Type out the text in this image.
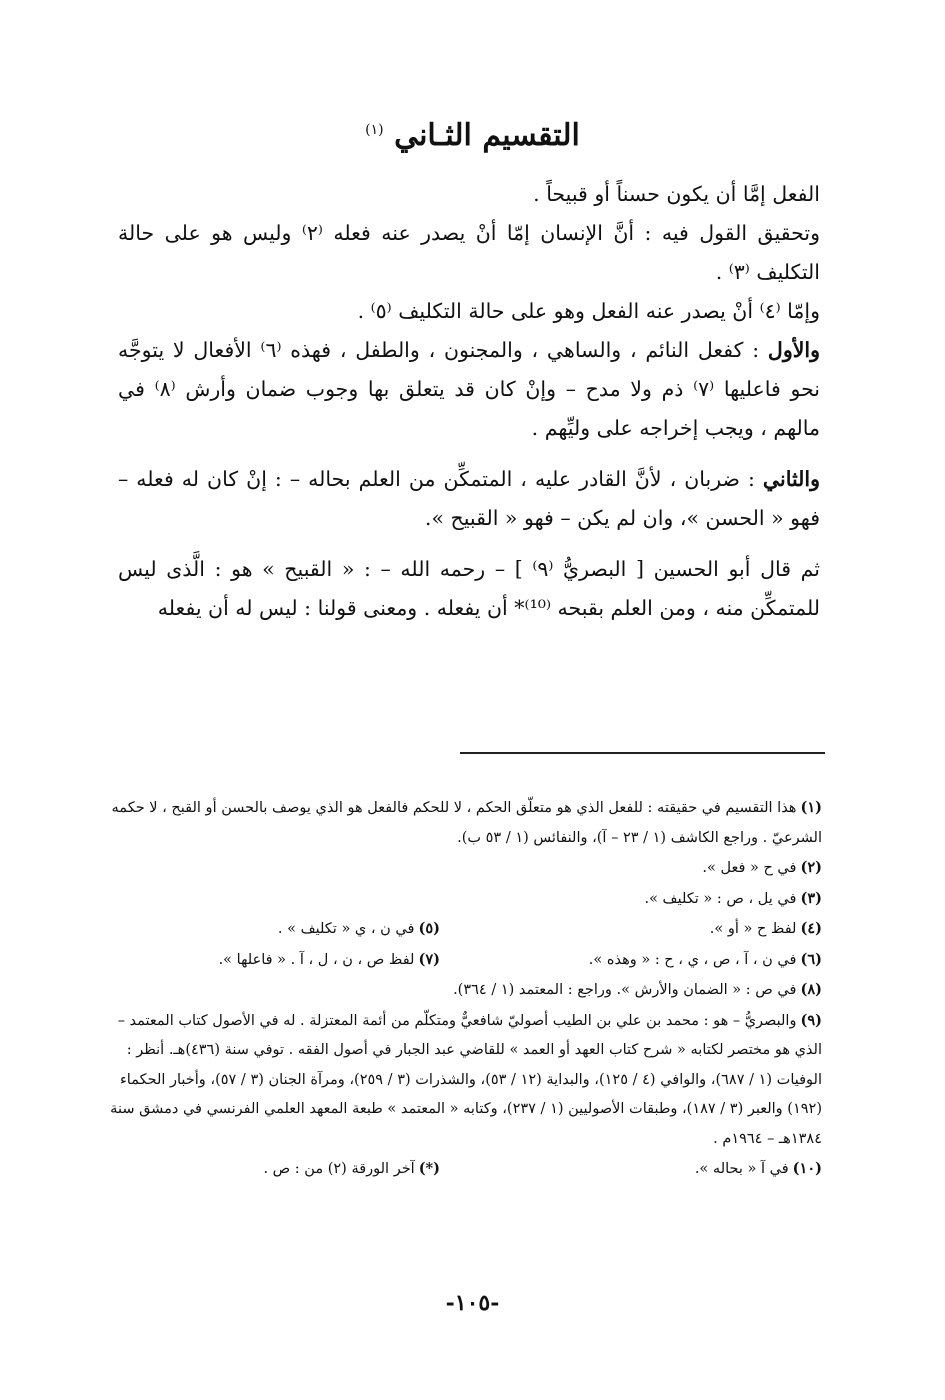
التقسيم الثـاني $^{(١)}$

الفعل إمَّا أن يكون حسناً أو قبيحاً .

وتحقيق القول فيه : أنَّ الإنسان إمّا أنْ يصدر عنه فعله ⁽٢⁾ وليس هو على حالة التكليف ⁽٣⁾ .

وإمّا ⁽٤⁾ أنْ يصدر عنه الفعل وهو على حالة التكليف ⁽٥⁾ .

والأول : كفعل النائم ، والساهي ، والمجنون ، والطفل ، فهذه ⁽٦⁾ الأفعال لا يتوجَّه نحو فاعليها ⁽٧⁾ ذم ولا مدح – وإنْ كان قد يتعلق بها وجوب ضمان وأرش ⁽٨⁾ في مالهم ، ويجب إخراجه على وليِّهم .

والثاني : ضربان ، لأنَّ القادر عليه ، المتمكِّن من العلم بحاله – : إنْ كان له فعله – فهو « الحسن »، وان لم يكن – فهو « القبيح ».

ثم قال أبو الحسين [ البصريُّ ⁽٩⁾ ] – رحمه الله – : « القبيح » هو : الَّذى ليس للمتمكِّن منه ، ومن العلم بقبحه ⁽¹⁰⁾* أن يفعله . ومعنى قولنا : ليس له أن يفعله

(١)هذا التقسيم في حقيقته : للفعل الذي هو متعلّق الحكم ، لا للحكم فالفعل هو الذي يوصف بالحسن أو القبح ، لا حكمه الشرعيّ . وراجع الكاشف (١ / ٢٣ – آ)، والنفائس (١ / ٥٣ ب).
(٢)في ح « فعل ».
(٣)في يل ، ص : « تكليف ».
(٤)لفظ ح « أو ».
(٥)في ن ، ي « تكليف » .
(٦)في ن ، آ ، ص ، ي ، ح : « وهذه ».
(٧)لفظ ص ، ن ، ل ، آ . « فاعلها ».
(٨)في ص : « الضمان والأرش ». وراجع : المعتمد (١ / ٣٦٤).
(٩)والبصريُّ – هو : محمد بن علي بن الطيب أصوليّ شافعيٌّ ومتكلّم من أئمة المعتزلة . له في الأصول كتاب المعتمد – الذي هو مختصر لكتابه « شرح كتاب العهد أو العمد » للقاضي عبد الجبار في أصول الفقه . توفي سنة (٤٣٦)هـ. أنظر : الوفيات (١ / ٦٨٧)، والوافي (٤ / ١٢٥)، والبداية (١٢ / ٥٣)، والشذرات (٣ / ٢٥٩)، ومرآة الجنان (٣ / ٥٧)، وأخبار الحكماء (١٩٢) والعبر (٣ / ١٨٧)، وطبقات الأصوليين (١ / ٢٣٧)، وكتابه « المعتمد » طبعة المعهد العلمي الفرنسي في دمشق سنة ١٣٨٤هـ – ١٩٦٤م .
(١٠)في آ « بحاله ».
(*)آخر الورقة (٢) من : ص .
-١٠٥-
